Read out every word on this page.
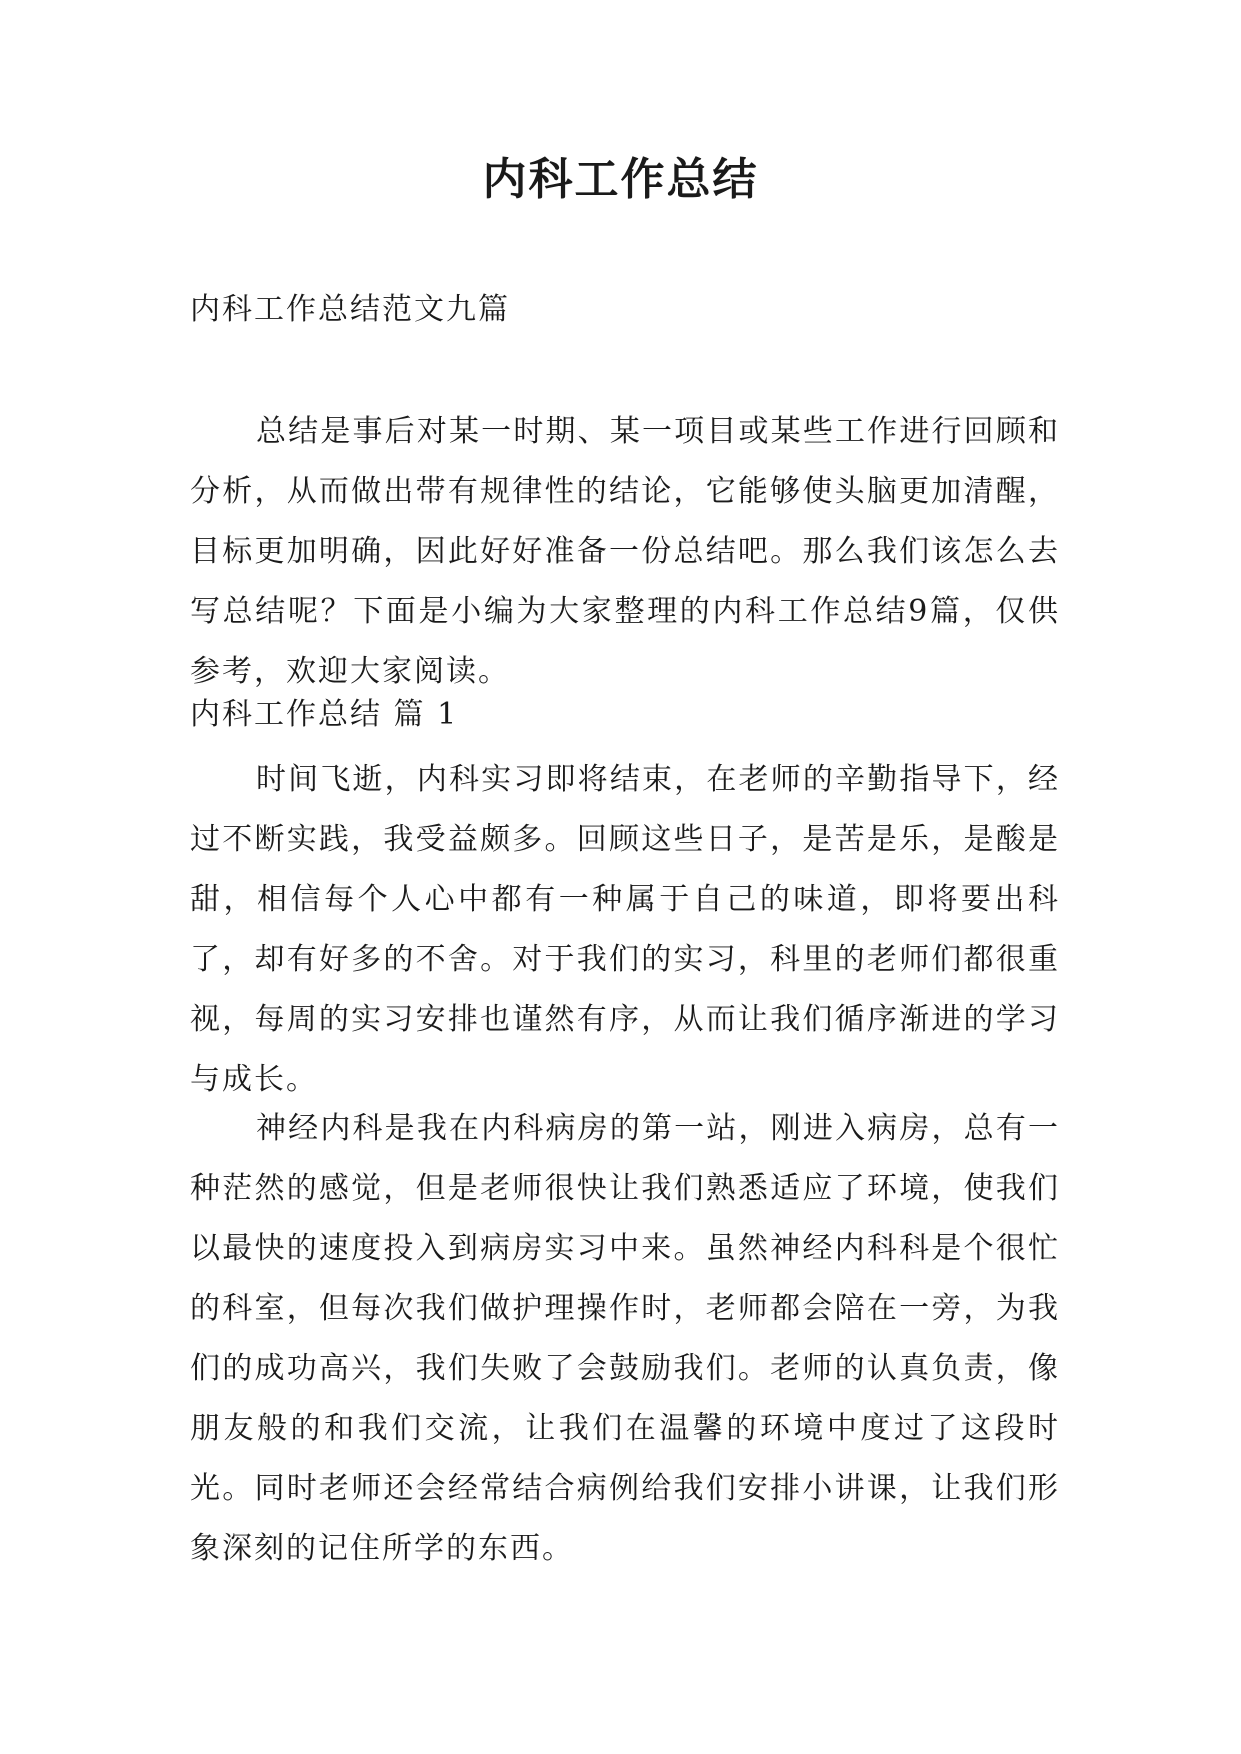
内科工作总结
内科工作总结范文九篇

总结是事后对某一时期、某一项目或某些工作进行回顾和分析，从而做出带有规律性的结论，它能够使头脑更加清醒，目标更加明确，因此好好准备一份总结吧。那么我们该怎么去写总结呢？下面是小编为大家整理的内科工作总结9篇，仅供参考，欢迎大家阅读。

内科工作总结 篇 1

时间飞逝，内科实习即将结束，在老师的辛勤指导下，经过不断实践，我受益颇多。回顾这些日子，是苦是乐，是酸是甜，相信每个人心中都有一种属于自己的味道，即将要出科了，却有好多的不舍。对于我们的实习，科里的老师们都很重视，每周的实习安排也谨然有序，从而让我们循序渐进的学习与成长。

神经内科是我在内科病房的第一站，刚进入病房，总有一种茫然的感觉，但是老师很快让我们熟悉适应了环境，使我们以最快的速度投入到病房实习中来。虽然神经内科科是个很忙的科室，但每次我们做护理操作时，老师都会陪在一旁，为我们的成功高兴，我们失败了会鼓励我们。老师的认真负责，像朋友般的和我们交流，让我们在温馨的环境中度过了这段时光。同时老师还会经常结合病例给我们安排小讲课，让我们形象深刻的记住所学的东西。
